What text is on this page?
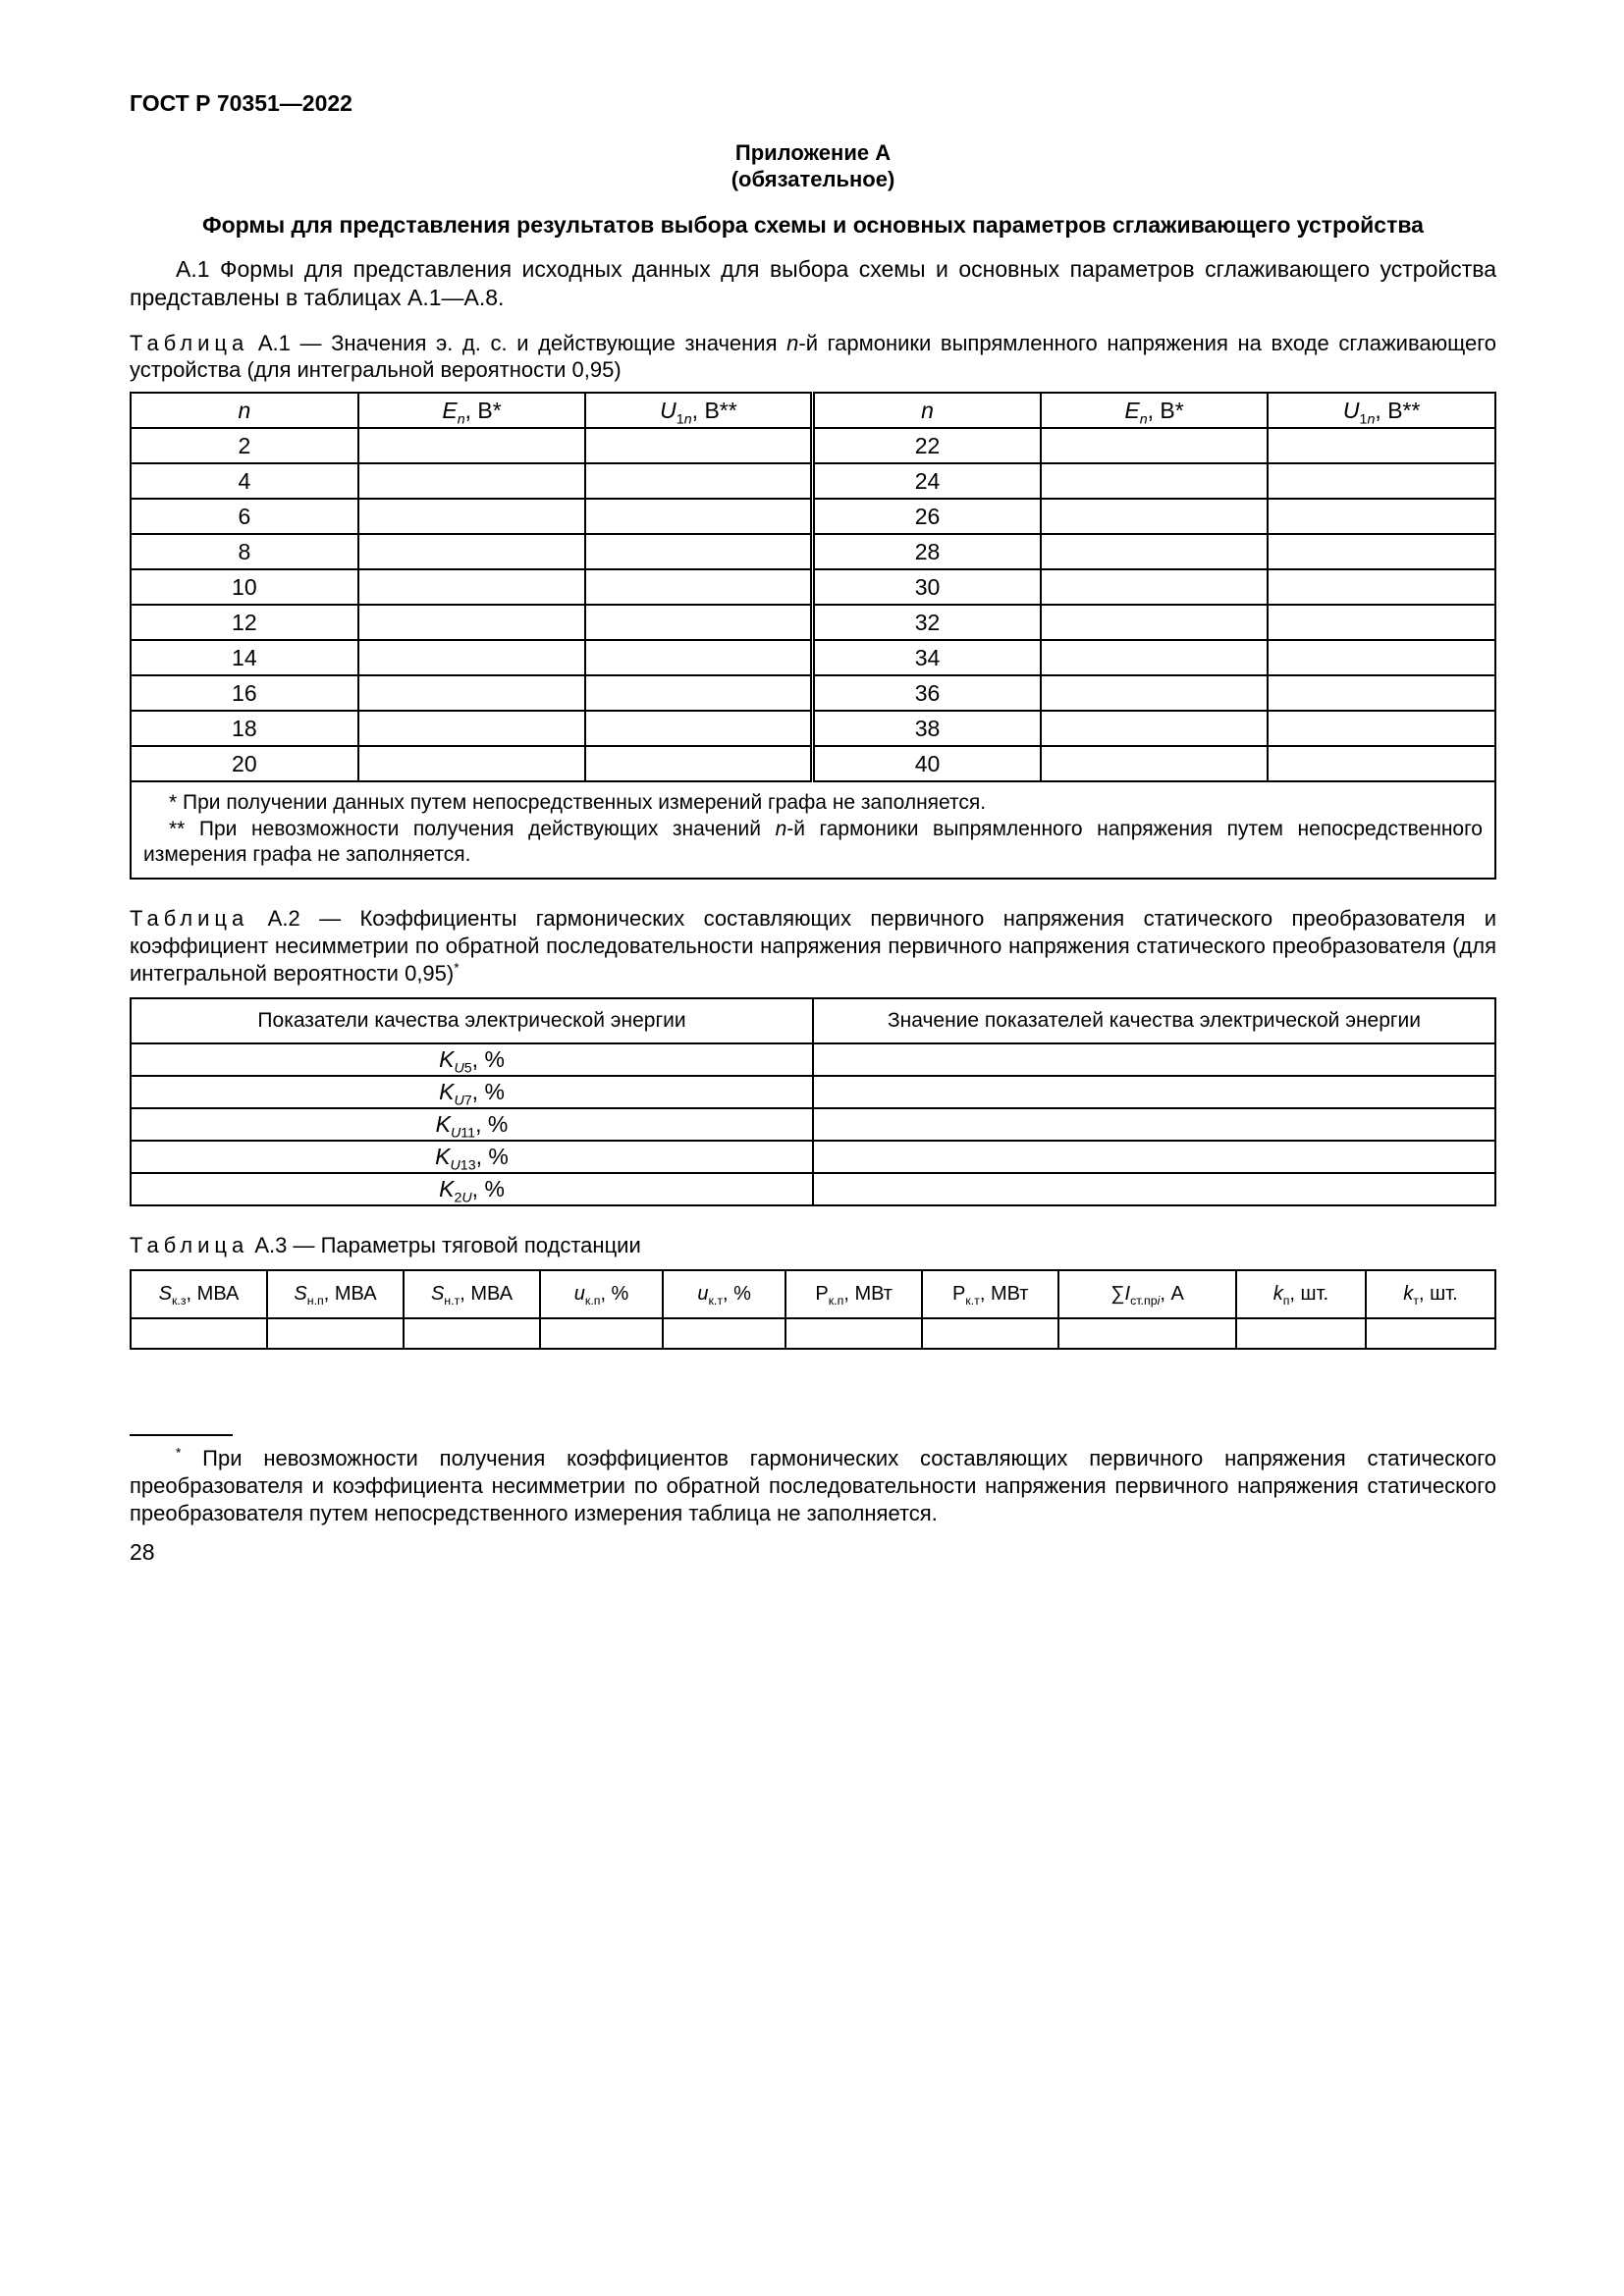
ГОСТ Р 70351—2022
Приложение А
(обязательное)
Формы для представления результатов выбора схемы и основных параметров сглаживающего устройства

А.1 Формы для представления исходных данных для выбора схемы и основных параметров сглаживающего устройства представлены в таблицах А.1—А.8.

Таблица А.1 — Значения э. д. с. и действующие значения n-й гармоники выпрямленного напряжения на входе сглаживающего устройства (для интегральной вероятности 0,95)

n	$E_n$, В*	$U_{1n}$, В**	n	$E_n$, В*	$U_{1n}$, В**
2			22		
4			24		
6			26		
8			28		
10			30		
12			32		
14			34		
16			36		
18			38		
20			40		

* При получении данных путем непосредственных измерений графа не заполняется.

** При невозможности получения действующих значений n-й гармоники выпрямленного напряжения путем непосредственного измерения графа не заполняется.					

Таблица А.2 — Коэффициенты гармонических составляющих первичного напряжения статического преобразователя и коэффициент несимметрии по обратной последовательности напряжения первичного напряжения статического преобразователя (для интегральной вероятности 0,95)*

Показатели качества электрической энергии	Значение показателей качества электрической энергии
$K_{U5}$, %	
$K_{U7}$, %	
$K_{U11}$, %	
$K_{U13}$, %	
$K_{2U}$, %	

Таблица А.3 — Параметры тяговой подстанции

$S_{к.з}$, МВА	$S_{н.п}$, МВА	$S_{н.т}$, МВА	$u_{к.п}$, %	$u_{к.т}$, %	$Р_{к.п}$, МВт	$Р_{к.т}$, МВт	$\sum I_{ст.прi}$, А	$k_п$, шт.	$k_т$, шт.

* При невозможности получения коэффициентов гармонических составляющих первичного напряжения статического преобразователя и коэффициента несимметрии по обратной последовательности напряжения первичного напряжения статического преобразователя путем непосредственного измерения таблица не заполняется.

28
